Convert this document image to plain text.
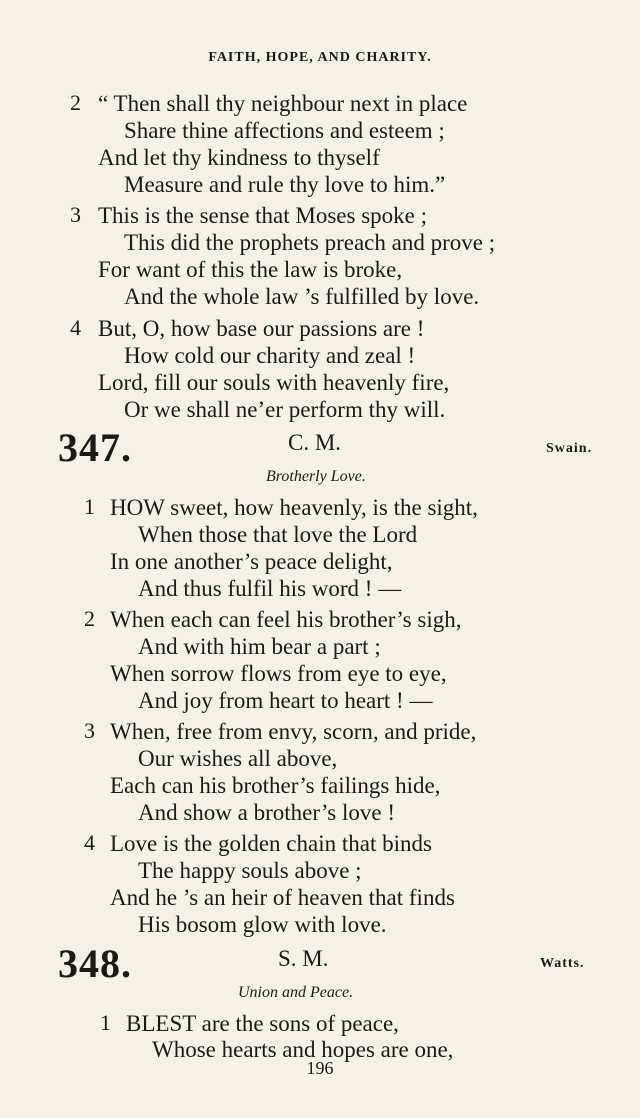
FAITH, HOPE, AND CHARITY.
2 “ Then shall thy neighbour next in place
Share thine affections and esteem ;
And let thy kindness to thyself
Measure and rule thy love to him.”
3 This is the sense that Moses spoke ;
This did the prophets preach and prove ;
For want of this the law is broke,
And the whole law ’s fulfilled by love.
4 But, O, how base our passions are !
How cold our charity and zeal !
Lord, fill our souls with heavenly fire,
Or we shall ne’er perform thy will.
347.	C. M.	Swain.
Brotherly Love.
1 HOW sweet, how heavenly, is the sight,
When those that love the Lord
In one another’s peace delight,
And thus fulfil his word ! —
2 When each can feel his brother’s sigh,
And with him bear a part ;
When sorrow flows from eye to eye,
And joy from heart to heart ! —
3 When, free from envy, scorn, and pride,
Our wishes all above,
Each can his brother’s failings hide,
And show a brother’s love !
4 Love is the golden chain that binds
The happy souls above ;
And he ’s an heir of heaven that finds
His bosom glow with love.
348.	S. M.	Watts.
Union and Peace.
1 BLEST are the sons of peace,
Whose hearts and hopes are one,
196
